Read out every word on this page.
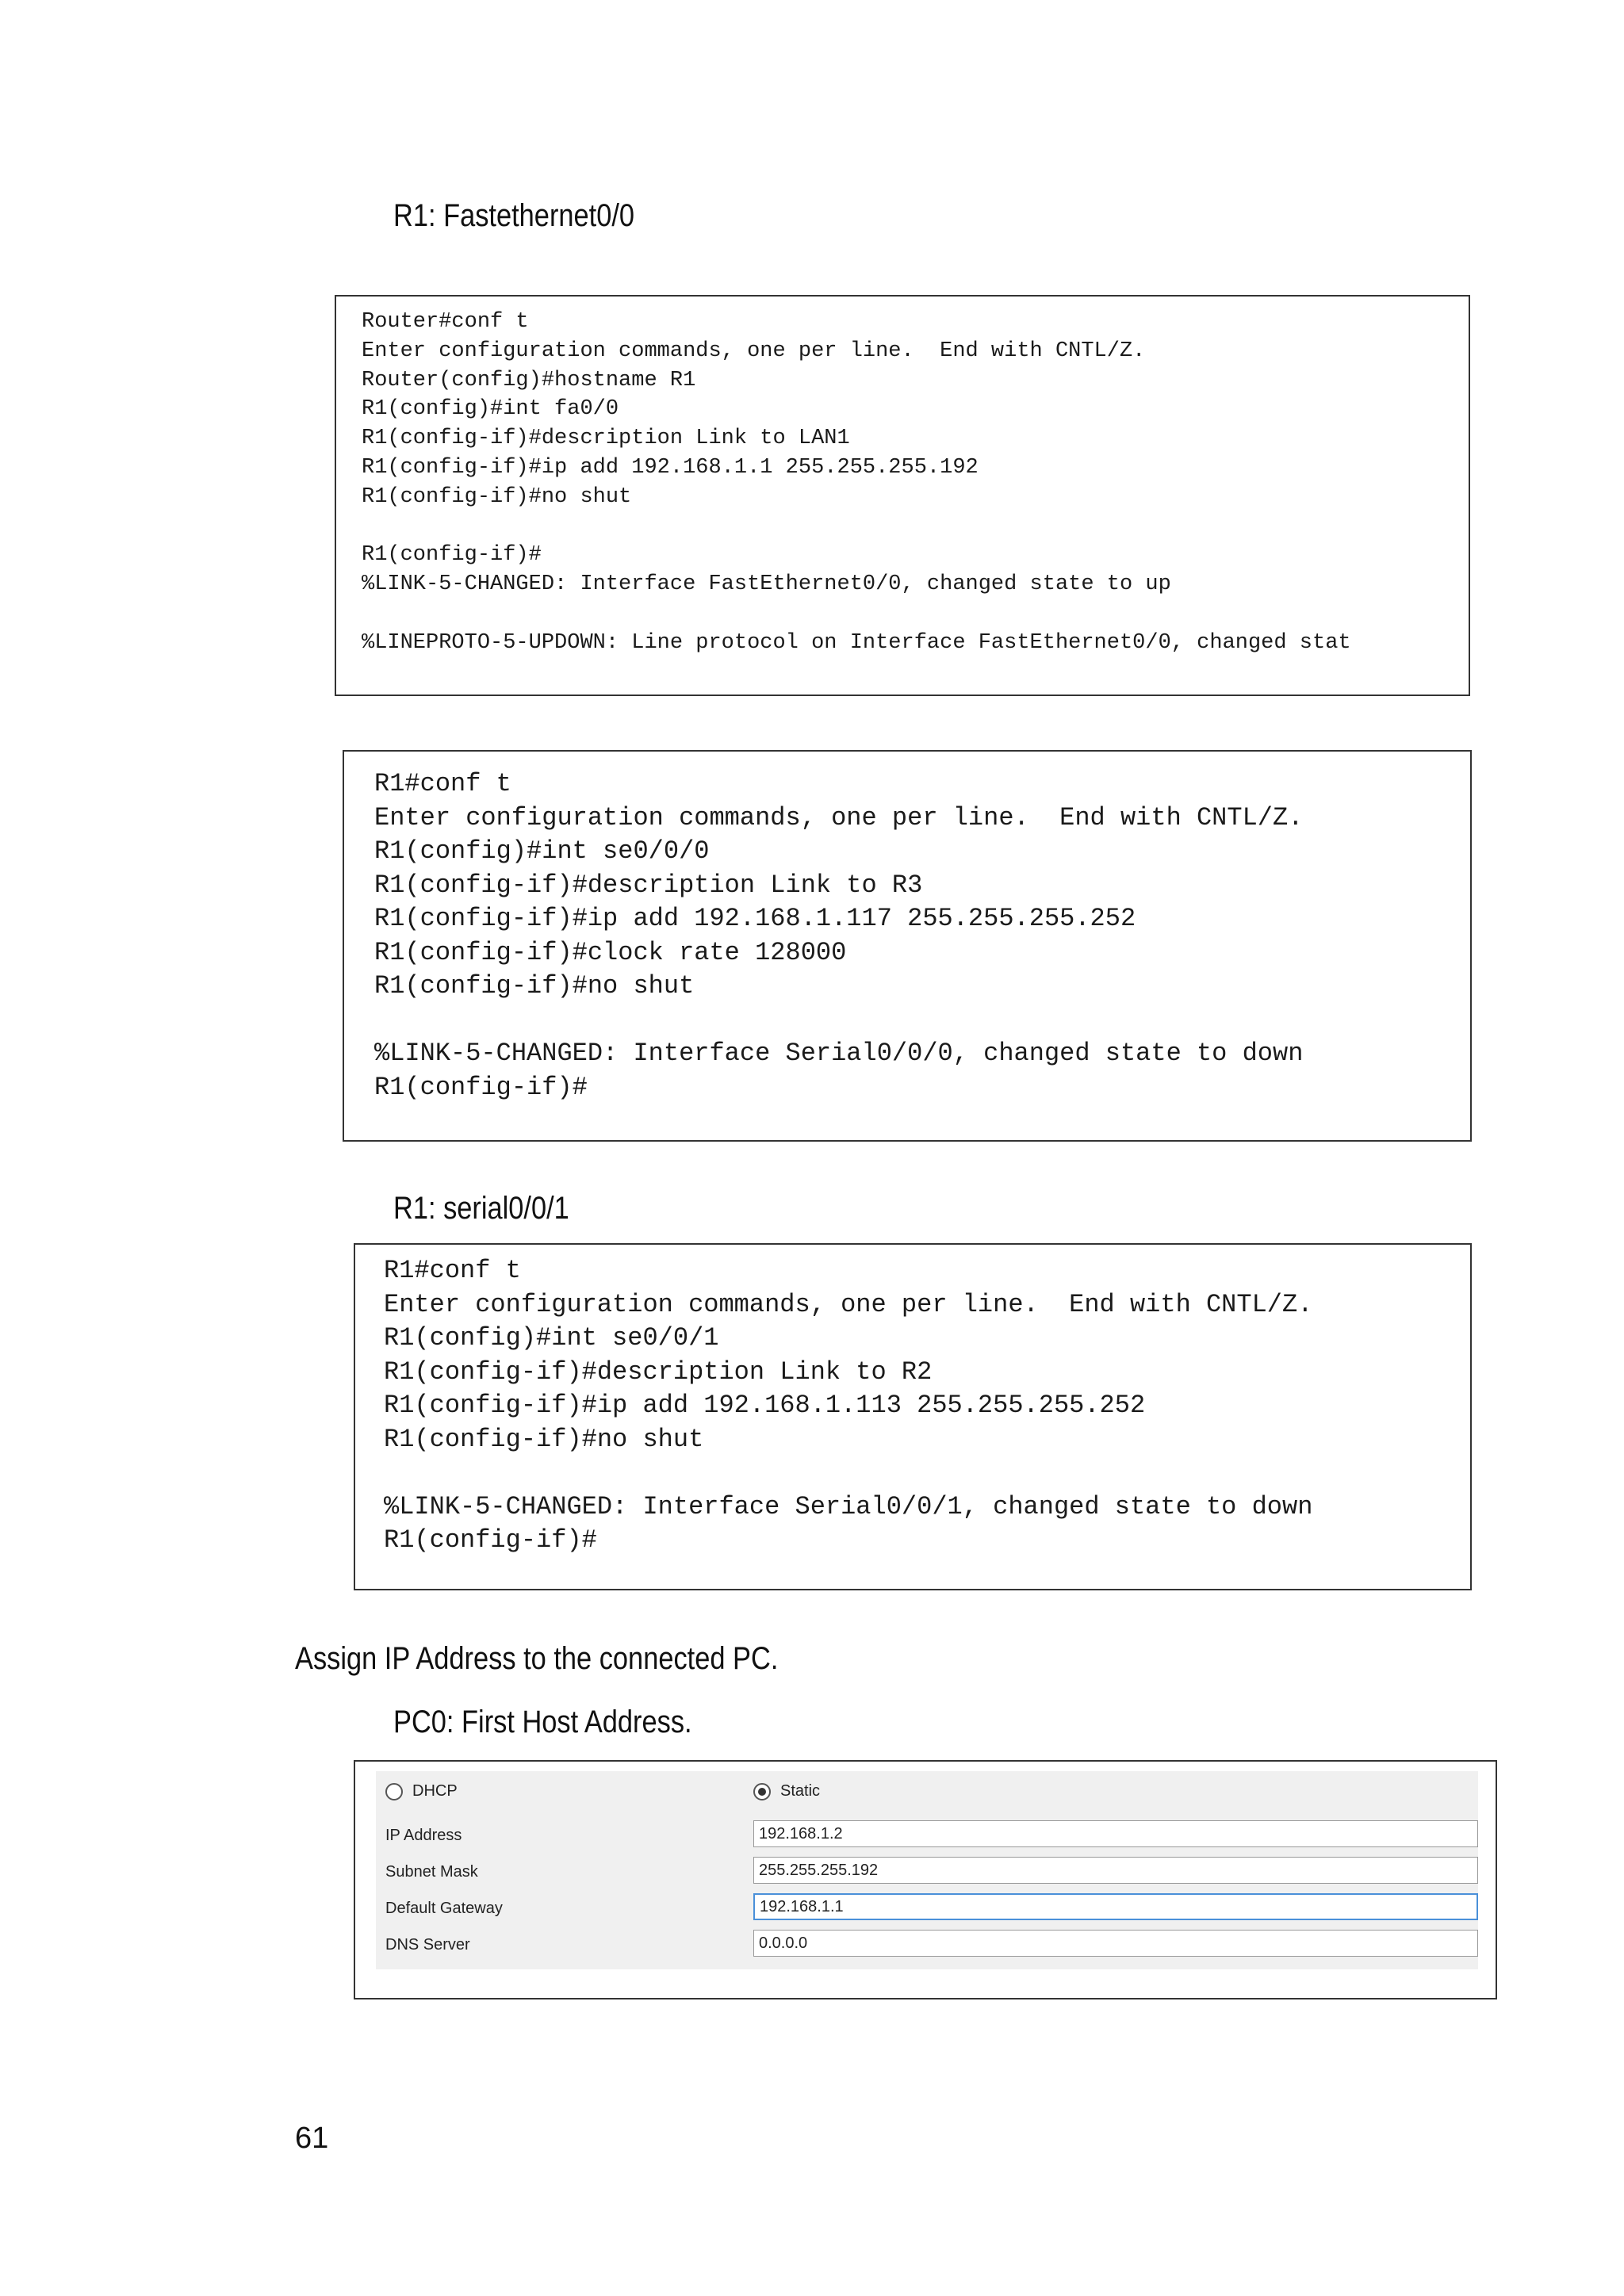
R1: Fastethernet0/0
Router#conf t
Enter configuration commands, one per line.  End with CNTL/Z.
Router(config)#hostname R1
R1(config)#int fa0/0
R1(config-if)#description Link to LAN1
R1(config-if)#ip add 192.168.1.1 255.255.255.192
R1(config-if)#no shut

R1(config-if)#
%LINK-5-CHANGED: Interface FastEthernet0/0, changed state to up

%LINEPROTO-5-UPDOWN: Line protocol on Interface FastEthernet0/0, changed stat
R1#conf t
Enter configuration commands, one per line.  End with CNTL/Z.
R1(config)#int se0/0/0
R1(config-if)#description Link to R3
R1(config-if)#ip add 192.168.1.117 255.255.255.252
R1(config-if)#clock rate 128000
R1(config-if)#no shut

%LINK-5-CHANGED: Interface Serial0/0/0, changed state to down
R1(config-if)#
R1: serial0/0/1
R1#conf t
Enter configuration commands, one per line.  End with CNTL/Z.
R1(config)#int se0/0/1
R1(config-if)#description Link to R2
R1(config-if)#ip add 192.168.1.113 255.255.255.252
R1(config-if)#no shut

%LINK-5-CHANGED: Interface Serial0/0/1, changed state to down
R1(config-if)#
Assign IP Address to the connected PC.
PC0: First Host Address.
DHCP	Static
IP Address
192.168.1.2
Subnet Mask
255.255.255.192
Default Gateway
192.168.1.1
DNS Server
0.0.0.0
61
